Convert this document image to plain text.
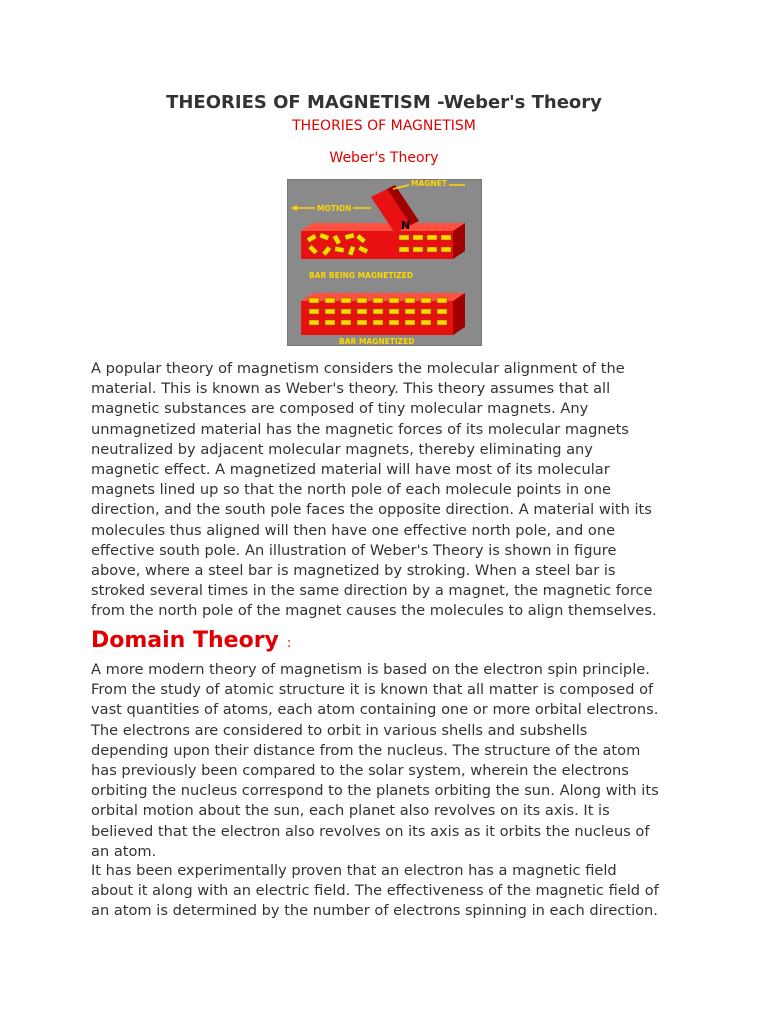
THEORIES OF MAGNETISM -Weber's Theory
THEORIES OF MAGNETISM
Weber's Theory
N
MAGNET
MOTION
BAR BEING MAGNETIZED
BAR MAGNETIZED

A popular theory of magnetism considers the molecular alignment of the
material. This is known as Weber's theory. This theory assumes that all
magnetic substances are composed of tiny molecular magnets. Any
unmagnetized material has the magnetic forces of its molecular magnets
neutralized by adjacent molecular magnets, thereby eliminating any
magnetic effect. A magnetized material will have most of its molecular
magnets lined up so that the north pole of each molecule points in one
direction, and the south pole faces the opposite direction. A material with its
molecules thus aligned will then have one effective north pole, and one
effective south pole. An illustration of Weber's Theory is shown in figure
above, where a steel bar is magnetized by stroking. When a steel bar is
stroked several times in the same direction by a magnet, the magnetic force
from the north pole of the magnet causes the molecules to align themselves.

Domain Theory :

A more modern theory of magnetism is based on the electron spin principle.
From the study of atomic structure it is known that all matter is composed of
vast quantities of atoms, each atom containing one or more orbital electrons.
The electrons are considered to orbit in various shells and subshells
depending upon their distance from the nucleus. The structure of the atom
has previously been compared to the solar system, wherein the electrons
orbiting the nucleus correspond to the planets orbiting the sun. Along with its
orbital motion about the sun, each planet also revolves on its axis. It is
believed that the electron also revolves on its axis as it orbits the nucleus of
an atom.

It has been experimentally proven that an electron has a magnetic field
about it along with an electric field. The effectiveness of the magnetic field of
an atom is determined by the number of electrons spinning in each direction.
